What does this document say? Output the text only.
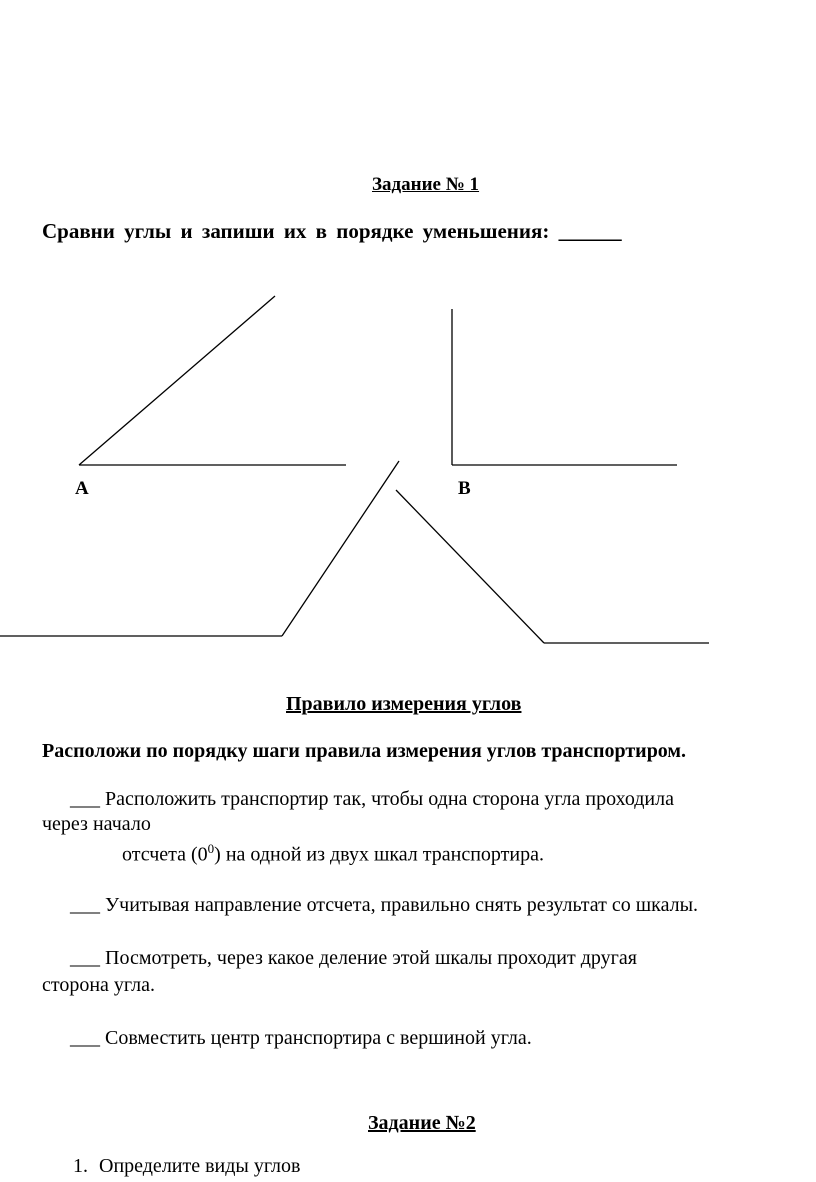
Задание № 1
Сравни углы и запиши их в порядке уменьшения: ______
A	B
Правило измерения углов
Расположи по порядку шаги правила измерения углов транспортиром.
___ Расположить транспортир так, чтобы одна сторона угла проходила
через начало
отсчета $(0^0)$ на одной из двух шкал транспортира.
___ Учитывая направление отсчета, правильно снять результат со шкалы.
___ Посмотреть, через какое деление этой шкалы проходит другая
сторона угла.
___ Совместить центр транспортира с вершиной угла.
Задание №2
1. Определите виды углов
